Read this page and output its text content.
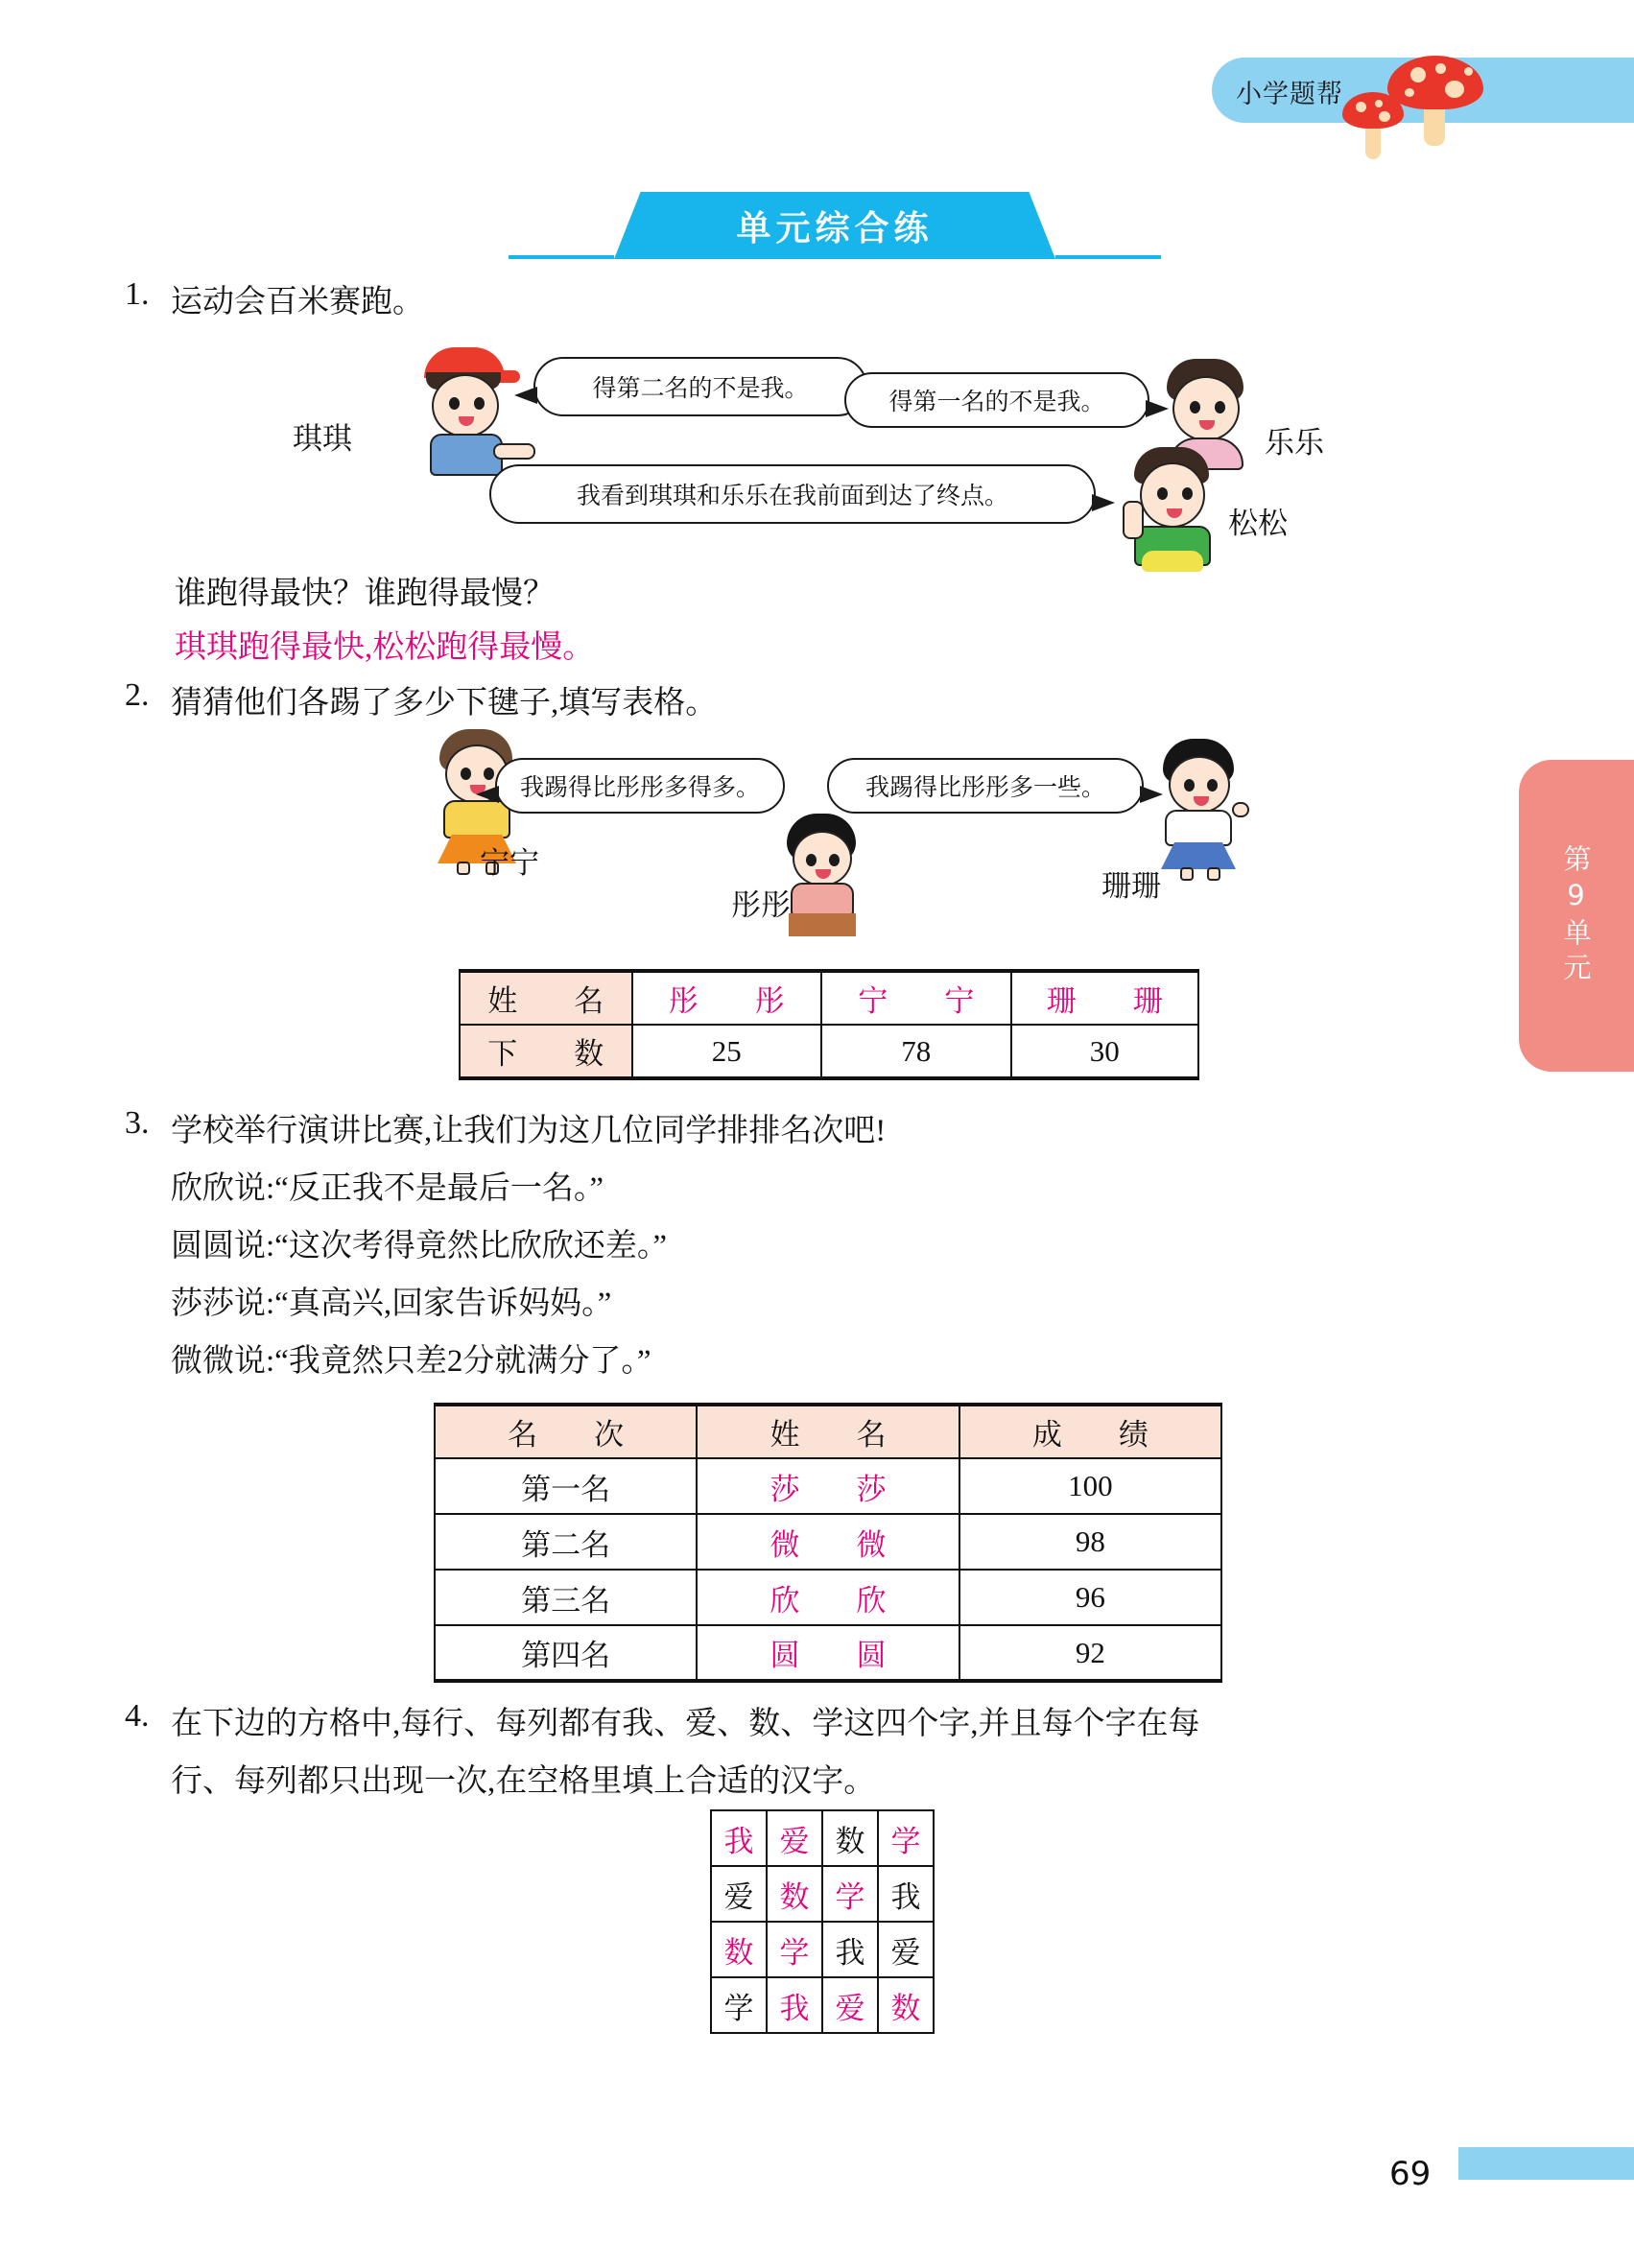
小学题帮
单元综合练
第9单元
1. 运动会百米赛跑。
琪琪
得第二名的不是我。
得第一名的不是我。
乐乐
我看到琪琪和乐乐在我前面到达了终点。
松松
谁跑得最快？谁跑得最慢？
琪琪跑得最快,松松跑得最慢。
2. 猜猜他们各踢了多少下毽子,填写表格。
宁宁
我踢得比彤彤多得多。
彤彤
我踢得比彤彤多一些。
珊珊
姓　名	彤　彤	宁　宁	珊　珊
下　数	25	78	30
3. 学校举行演讲比赛,让我们为这几位同学排排名次吧!
欣欣说:“反正我不是最后一名。”
圆圆说:“这次考得竟然比欣欣还差。”
莎莎说:“真高兴,回家告诉妈妈。”
微微说:“我竟然只差2分就满分了。”
名　次	姓　名	成　绩
第一名	莎　莎	100
第二名	微　微	98
第三名	欣　欣	96
第四名	圆　圆	92
4. 在下边的方格中,每行、每列都有我、爱、数、学这四个字,并且每个字在每
行、每列都只出现一次,在空格里填上合适的汉字。
我	爱	数	学
爱	数	学	我
数	学	我	爱
学	我	爱	数
69
